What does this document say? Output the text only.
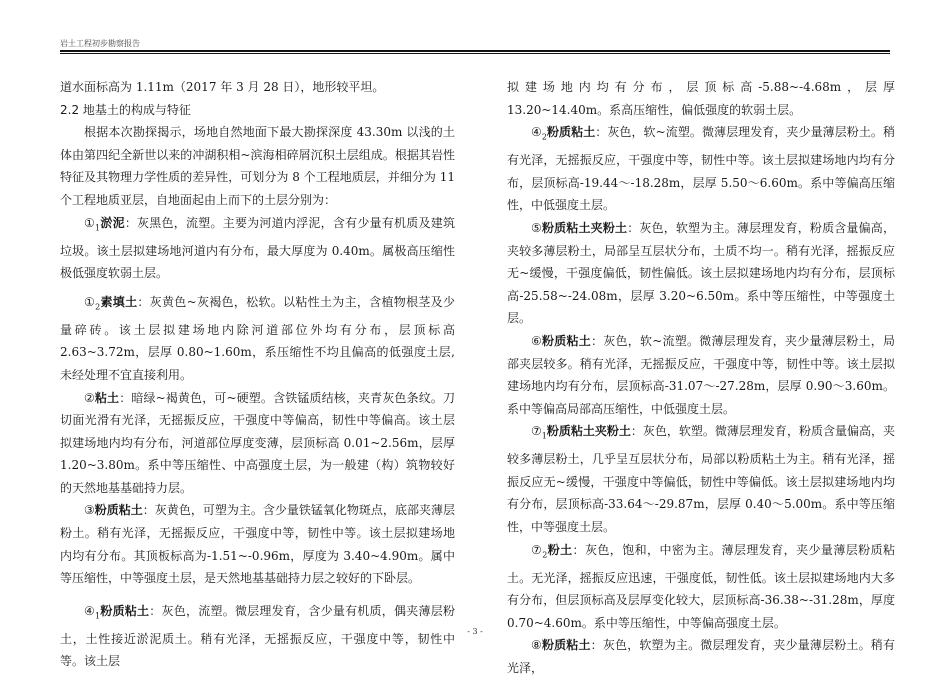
岩土工程初步勘察报告

道水面标高为 1.11m（2017 年 3 月 28 日），地形较平坦。

2.2 地基土的构成与特征

根据本次勘探揭示，场地自然地面下最大勘探深度 43.30m 以浅的土体由第四纪全新世以来的冲湖积相~滨海相碎屑沉积土层组成。根据其岩性特征及其物理力学性质的差异性，可划分为 8 个工程地质层，并细分为 11 个工程地质亚层，自地面起由上而下的土层分别为：

$①_1$淤泥：灰黑色，流塑。主要为河道内浮泥，含有少量有机质及建筑垃圾。该土层拟建场地河道内有分布，最大厚度为 0.40m。属极高压缩性极低强度软弱土层。

$①_2$素填土：灰黄色~灰褐色，松软。以粘性土为主，含植物根茎及少量碎砖。该土层拟建场地内除河道部位外均有分布，层顶标高 2.63~3.72m，层厚 0.80~1.60m，系压缩性不均且偏高的低强度土层,未经处理不宜直接利用。

②粘土：暗绿~褐黄色，可~硬塑。含铁锰质结核，夹青灰色条纹。刀切面光滑有光泽，无摇振反应，干强度中等偏高，韧性中等偏高。该土层拟建场地内均有分布，河道部位厚度变薄，层顶标高 0.01~2.56m，层厚 1.20~3.80m。系中等压缩性、中高强度土层，为一般建（构）筑物较好的天然地基基础持力层。

③粉质粘土：灰黄色，可塑为主。含少量铁锰氧化物斑点，底部夹薄层粉土。稍有光泽，无摇振反应，干强度中等，韧性中等。该土层拟建场地内均有分布。其顶板标高为-1.51~-0.96m，厚度为 3.40~4.90m。属中等压缩性，中等强度土层，是天然地基基础持力层之较好的下卧层。

$④_1$粉质粘土：灰色，流塑。微层理发育，含少量有机质，偶夹薄层粉土，土性接近淤泥质土。稍有光泽，无摇振反应，干强度中等，韧性中等。该土层

拟建场地内均有分布，层顶标高-5.88~-4.68m，层厚 13.20~14.40m。系高压缩性，偏低强度的软弱土层。

$④_2$粉质粘土：灰色，软~流塑。微薄层理发育，夹少量薄层粉土。稍有光泽，无摇振反应，干强度中等，韧性中等。该土层拟建场地内均有分布，层顶标高-19.44～-18.28m，层厚 5.50～6.60m。系中等偏高压缩性，中低强度土层。

⑤粉质粘土夹粉土：灰色，软塑为主。薄层理发育，粉质含量偏高，夹较多薄层粉土，局部呈互层状分布，土质不均一。稍有光泽，摇振反应无~缓慢，干强度偏低，韧性偏低。该土层拟建场地内均有分布，层顶标高-25.58~-24.08m，层厚 3.20~6.50m。系中等压缩性，中等强度土层。

⑥粉质粘土：灰色，软~流塑。微薄层理发育，夹少量薄层粉土，局部夹层较多。稍有光泽，无摇振反应，干强度中等，韧性中等。该土层拟建场地内均有分布，层顶标高-31.07～-27.28m，层厚 0.90～3.60m。系中等偏高局部高压缩性，中低强度土层。

$⑦_1$粉质粘土夹粉土：灰色，软塑。微薄层理发育，粉质含量偏高，夹较多薄层粉土，几乎呈互层状分布，局部以粉质粘土为主。稍有光泽，摇振反应无~缓慢，干强度中等偏低，韧性中等偏低。该土层拟建场地内均有分布，层顶标高-33.64～-29.87m，层厚 0.40～5.00m。系中等压缩性，中等强度土层。

$⑦_2$粉土：灰色，饱和，中密为主。薄层理发育，夹少量薄层粉质粘土。无光泽，摇振反应迅速，干强度低，韧性低。该土层拟建场地内大多有分布，但层顶标高及层厚变化较大，层顶标高-36.38~-31.28m，厚度 0.70~4.60m。系中等压缩性，中等偏高强度土层。

⑧粉质粘土：灰色，软塑为主。微层理发育，夹少量薄层粉土。稍有光泽，

- 3 -
